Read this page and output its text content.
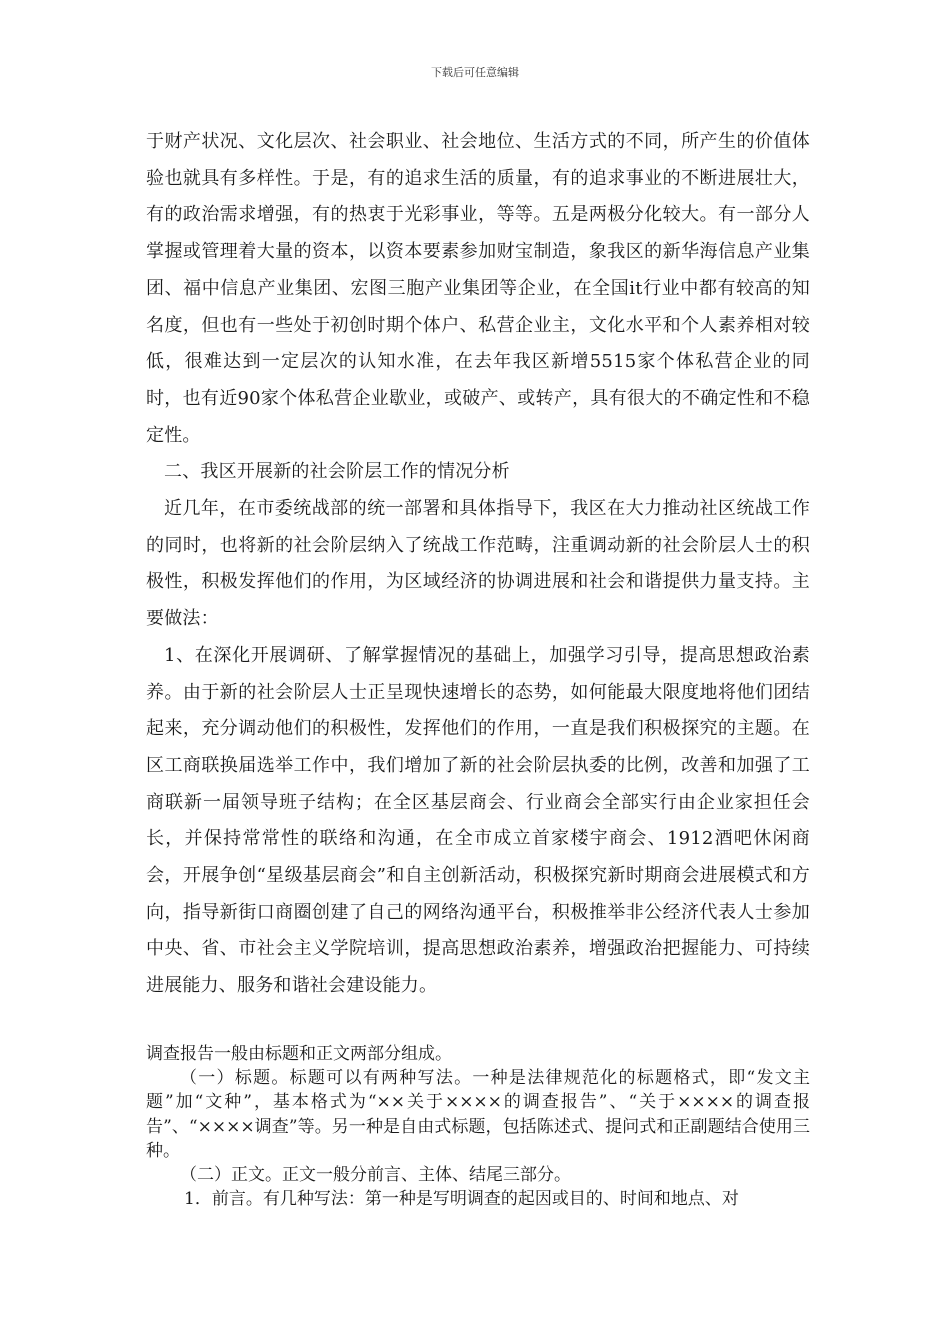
下载后可任意编辑

于财产状况、文化层次、社会职业、社会地位、生活方式的不同，所产生的价值体验也就具有多样性。于是，有的追求生活的质量，有的追求事业的不断进展壮大，有的政治需求增强，有的热衷于光彩事业，等等。五是两极分化较大。有一部分人掌握或管理着大量的资本，以资本要素参加财宝制造，象我区的新华海信息产业集团、福中信息产业集团、宏图三胞产业集团等企业，在全国it行业中都有较高的知名度，但也有一些处于初创时期个体户、私营企业主，文化水平和个人素养相对较低，很难达到一定层次的认知水准，在去年我区新增5515家个体私营企业的同时，也有近90家个体私营企业歇业，或破产、或转产，具有很大的不确定性和不稳定性。

二、我区开展新的社会阶层工作的情况分析

近几年，在市委统战部的统一部署和具体指导下，我区在大力推动社区统战工作的同时，也将新的社会阶层纳入了统战工作范畴，注重调动新的社会阶层人士的积极性，积极发挥他们的作用，为区域经济的协调进展和社会和谐提供力量支持。主要做法：

1、在深化开展调研、了解掌握情况的基础上，加强学习引导，提高思想政治素养。由于新的社会阶层人士正呈现快速增长的态势，如何能最大限度地将他们团结起来，充分调动他们的积极性，发挥他们的作用，一直是我们积极探究的主题。在区工商联换届选举工作中，我们增加了新的社会阶层执委的比例，改善和加强了工商联新一届领导班子结构；在全区基层商会、行业商会全部实行由企业家担任会长，并保持常常性的联络和沟通，在全市成立首家楼宇商会、1912酒吧休闲商会，开展争创“星级基层商会”和自主创新活动，积极探究新时期商会进展模式和方向，指导新街口商圈创建了自己的网络沟通平台，积极推举非公经济代表人士参加中央、省、市社会主义学院培训，提高思想政治素养，增强政治把握能力、可持续进展能力、服务和谐社会建设能力。

调查报告一般由标题和正文两部分组成。

（一）标题。标题可以有两种写法。一种是法律规范化的标题格式，即“发文主题”加“文种”，基本格式为“××关于××××的调查报告”、“关于××××的调查报告”、“××××调查”等。另一种是自由式标题，包括陈述式、提问式和正副题结合使用三种。

（二）正文。正文一般分前言、主体、结尾三部分。

1．前言。有几种写法：第一种是写明调查的起因或目的、时间和地点、对
